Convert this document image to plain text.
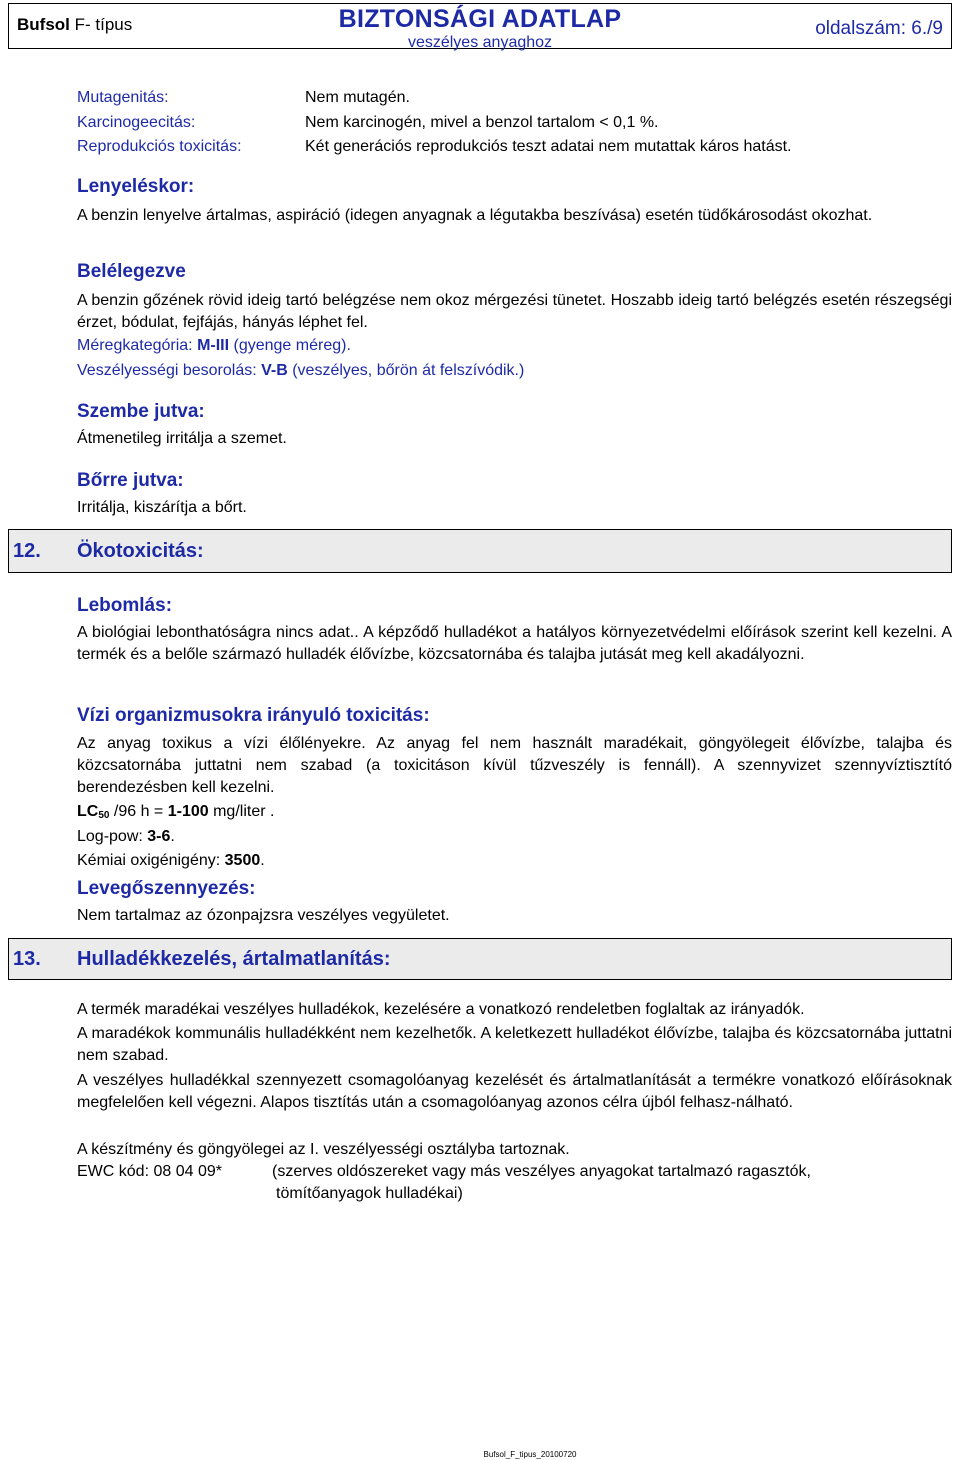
Bufsol F- típus	BIZTONSÁGI ADATLAP
veszélyes anyaghoz
oldalszám: 6./9
Mutagenitás:	Nem mutagén.
Karcinogeecitás:	Nem karcinogén, mivel a benzol tartalom < 0,1 %.
Reprodukciós toxicitás:	Két generációs reprodukciós teszt adatai nem mutattak káros hatást.
Lenyeléskor:
A benzin lenyelve ártalmas, aspiráció (idegen anyagnak a légutakba beszívása) esetén tüdőkárosodást okozhat.
Belélegezve
A benzin gőzének rövid ideig tartó belégzése nem okoz mérgezési tünetet. Hoszabb ideig tartó belégzés esetén részegségi érzet, bódulat, fejfájás, hányás léphet fel.
Méregkategória: M-III (gyenge méreg).
Veszélyességi besorolás: V-B (veszélyes, bőrön át felszívódik.)
Szembe jutva:
Átmenetileg irritálja a szemet.
Bőrre jutva:
Irritálja, kiszárítja a bőrt.
12. Ökotoxicitás:
Lebomlás:
A biológiai lebonthatóságra nincs adat.. A képződő hulladékot a hatályos környezetvédelmi előírások szerint kell kezelni. A termék és a belőle származó hulladék élővízbe, közcsatornába és talajba jutását meg kell akadályozni.
Vízi organizmusokra irányuló toxicitás:
Az anyag toxikus a vízi élőlényekre. Az anyag fel nem használt maradékait, göngyölegeit élővízbe, talajba és közcsatornába juttatni nem szabad (a toxicitáson kívül tűzveszély is fennáll). A szennyvizet szennyvíztisztító berendezésben kell kezelni.
$LC_{50}$ /96 h = 1-100 mg/liter .
Log-pow: 3-6.
Kémiai oxigénigény: 3500.
Levegőszennyezés:
Nem tartalmaz az ózonpajzsra veszélyes vegyületet.
13. Hulladékkezelés, ártalmatlanítás:
A termék maradékai veszélyes hulladékok, kezelésére a vonatkozó rendeletben foglaltak az irányadók.
A maradékok kommunális hulladékként nem kezelhetők. A keletkezett hulladékot élővízbe, talajba és közcsatornába juttatni nem szabad.
A veszélyes hulladékkal szennyezett csomagolóanyag kezelését és ártalmatlanítását a termékre vonatkozó előírásoknak megfelelően kell végezni. Alapos tisztítás után a csomagolóanyag azonos célra újból felhasz-nálható.
A készítmény és göngyölegei az I. veszélyességi osztályba tartoznak.
EWC kód: 08 04 09*	(szerves oldószereket vagy más veszélyes anyagokat tartalmazó ragasztók,
tömítőanyagok hulladékai)
Bufsol_F_tipus_20100720
